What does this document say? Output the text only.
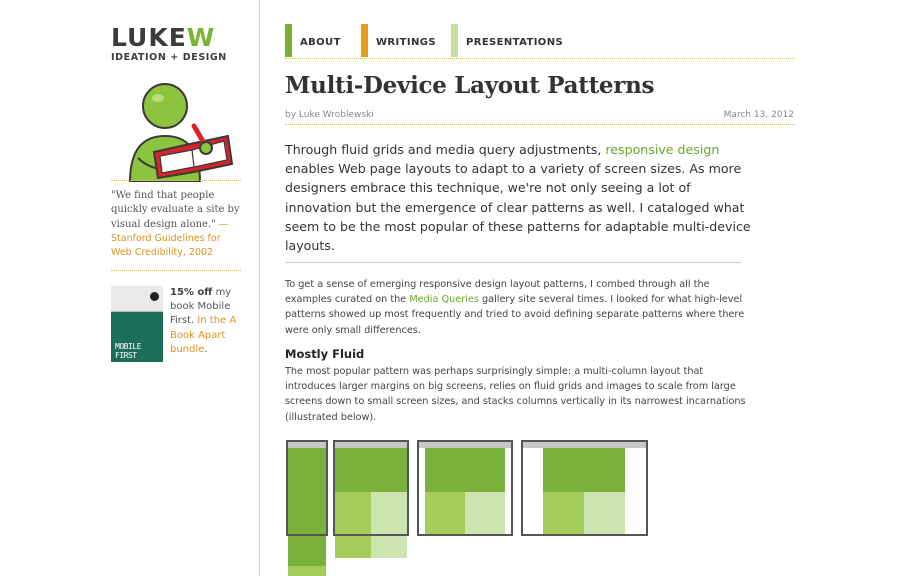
LUKEW
IDEATION + DESIGN
"We find that people quickly evaluate a site by visual design alone." —Stanford Guidelines for Web Credibility, 2002
MOBILE FIRST
15% off my book Mobile First. In the A Book Apart bundle.
ABOUT	WRITINGS	PRESENTATIONS
Multi-Device Layout Patterns
by Luke Wroblewski	March 13, 2012

Through fluid grids and media query adjustments, responsive design enables Web page layouts to adapt to a variety of screen sizes. As more designers embrace this technique, we're not only seeing a lot of innovation but the emergence of clear patterns as well. I cataloged what seem to be the most popular of these patterns for adaptable multi-device layouts.

To get a sense of emerging responsive design layout patterns, I combed through all the examples curated on the Media Queries gallery site several times. I looked for what high-level patterns showed up most frequently and tried to avoid defining separate patterns where there were only small differences.

Mostly Fluid

The most popular pattern was perhaps surprisingly simple: a multi-column layout that introduces larger margins on big screens, relies on fluid grids and images to scale from large screens down to small screen sizes, and stacks columns vertically in its narrowest incarnations (illustrated below).
